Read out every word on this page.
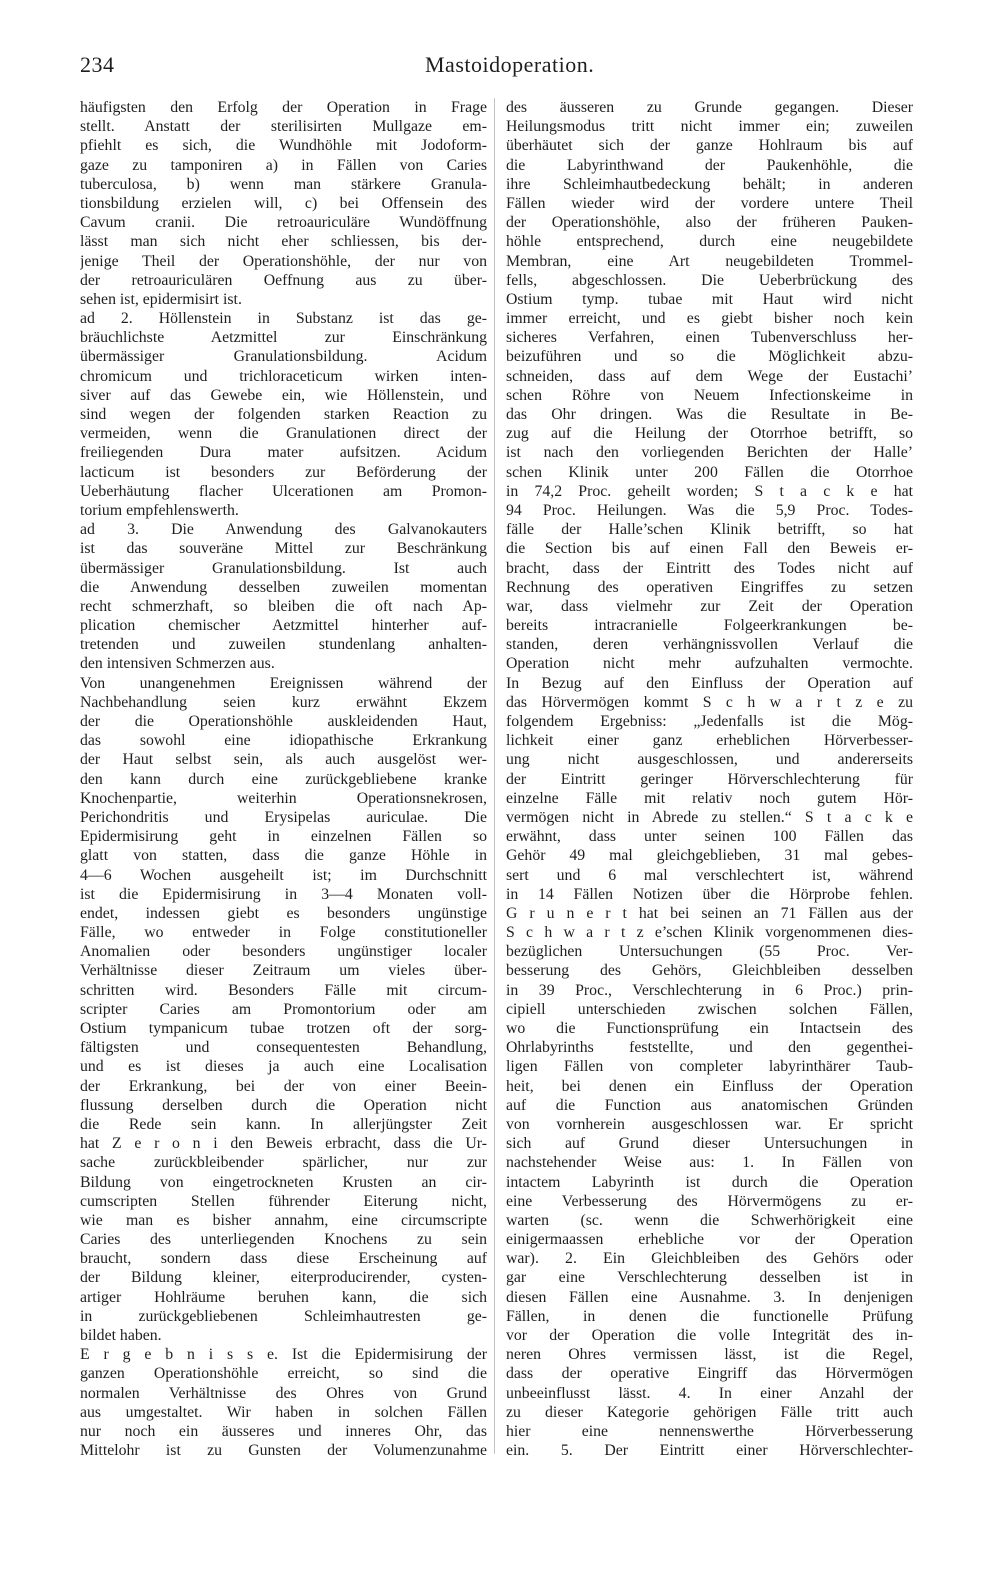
234	Mastoidoperation.
häufigsten den Erfolg der Operation in Frage
stellt. Anstatt der sterilisirten Mullgaze em-
pfiehlt es sich, die Wundhöhle mit Jodoform-
gaze zu tamponiren a) in Fällen von Caries
tuberculosa, b) wenn man stärkere Granula-
tionsbildung erzielen will, c) bei Offensein des
Cavum cranii. Die retroauriculäre Wundöffnung
lässt man sich nicht eher schliessen, bis der-
jenige Theil der Operationshöhle, der nur von
der retroauriculären Oeffnung aus zu über-
sehen ist, epidermisirt ist.
ad 2. Höllenstein in Substanz ist das ge-
bräuchlichste Aetzmittel zur Einschränkung
übermässiger Granulationsbildung. Acidum
chromicum und trichloraceticum wirken inten-
siver auf das Gewebe ein, wie Höllenstein, und
sind wegen der folgenden starken Reaction zu
vermeiden, wenn die Granulationen direct der
freiliegenden Dura mater aufsitzen. Acidum
lacticum ist besonders zur Beförderung der
Ueberhäutung flacher Ulcerationen am Promon-
torium empfehlenswerth.
ad 3. Die Anwendung des Galvanokauters
ist das souveräne Mittel zur Beschränkung
übermässiger Granulationsbildung. Ist auch
die Anwendung desselben zuweilen momentan
recht schmerzhaft, so bleiben die oft nach Ap-
plication chemischer Aetzmittel hinterher auf-
tretenden und zuweilen stundenlang anhalten-
den intensiven Schmerzen aus.
Von unangenehmen Ereignissen während der
Nachbehandlung seien kurz erwähnt Ekzem
der die Operationshöhle auskleidenden Haut,
das sowohl eine idiopathische Erkrankung
der Haut selbst sein, als auch ausgelöst wer-
den kann durch eine zurückgebliebene kranke
Knochenpartie, weiterhin Operationsnekrosen,
Perichondritis und Erysipelas auriculae. Die
Epidermisirung geht in einzelnen Fällen so
glatt von statten, dass die ganze Höhle in
4—6 Wochen ausgeheilt ist; im Durchschnitt
ist die Epidermisirung in 3—4 Monaten voll-
endet, indessen giebt es besonders ungünstige
Fälle, wo entweder in Folge constitutioneller
Anomalien oder besonders ungünstiger localer
Verhältnisse dieser Zeitraum um vieles über-
schritten wird. Besonders Fälle mit circum-
scripter Caries am Promontorium oder am
Ostium tympanicum tubae trotzen oft der sorg-
fältigsten und consequentesten Behandlung,
und es ist dieses ja auch eine Localisation
der Erkrankung, bei der von einer Beein-
flussung derselben durch die Operation nicht
die Rede sein kann. In allerjüngster Zeit
hat Z e r o n i den Beweis erbracht, dass die Ur-
sache zurückbleibender spärlicher, nur zur
Bildung von eingetrockneten Krusten an cir-
cumscripten Stellen führender Eiterung nicht,
wie man es bisher annahm, eine circumscripte
Caries des unterliegenden Knochens zu sein
braucht, sondern dass diese Erscheinung auf
der Bildung kleiner, eiterproducirender, cysten-
artiger Hohlräume beruhen kann, die sich
in zurückgebliebenen Schleimhautresten ge-
bildet haben.
E r g e b n i s s e. Ist die Epidermisirung der
ganzen Operationshöhle erreicht, so sind die
normalen Verhältnisse des Ohres von Grund
aus umgestaltet. Wir haben in solchen Fällen
nur noch ein äusseres und inneres Ohr, das
Mittelohr ist zu Gunsten der Volumenzunahme
des äusseren zu Grunde gegangen. Dieser
Heilungsmodus tritt nicht immer ein; zuweilen
überhäutet sich der ganze Hohlraum bis auf
die Labyrinthwand der Paukenhöhle, die
ihre Schleimhautbedeckung behält; in anderen
Fällen wieder wird der vordere untere Theil
der Operationshöhle, also der früheren Pauken-
höhle entsprechend, durch eine neugebildete
Membran, eine Art neugebildeten Trommel-
fells, abgeschlossen. Die Ueberbrückung des
Ostium tymp. tubae mit Haut wird nicht
immer erreicht, und es giebt bisher noch kein
sicheres Verfahren, einen Tubenverschluss her-
beizuführen und so die Möglichkeit abzu-
schneiden, dass auf dem Wege der Eustachi’
schen Röhre von Neuem Infectionskeime in
das Ohr dringen. Was die Resultate in Be-
zug auf die Heilung der Otorrhoe betrifft, so
ist nach den vorliegenden Berichten der Halle’
schen Klinik unter 200 Fällen die Otorrhoe
in 74,2 Proc. geheilt worden; S t a c k e hat
94 Proc. Heilungen. Was die 5,9 Proc. Todes-
fälle der Halle’schen Klinik betrifft, so hat
die Section bis auf einen Fall den Beweis er-
bracht, dass der Eintritt des Todes nicht auf
Rechnung des operativen Eingriffes zu setzen
war, dass vielmehr zur Zeit der Operation
bereits intracranielle Folgeerkrankungen be-
standen, deren verhängnissvollen Verlauf die
Operation nicht mehr aufzuhalten vermochte.
In Bezug auf den Einfluss der Operation auf
das Hörvermögen kommt S c h w a r t z e zu
folgendem Ergebniss: „Jedenfalls ist die Mög-
lichkeit einer ganz erheblichen Hörverbesser-
ung nicht ausgeschlossen, und andererseits
der Eintritt geringer Hörverschlechterung für
einzelne Fälle mit relativ noch gutem Hör-
vermögen nicht in Abrede zu stellen.“ S t a c k e
erwähnt, dass unter seinen 100 Fällen das
Gehör 49 mal gleichgeblieben, 31 mal gebes-
sert und 6 mal verschlechtert ist, während
in 14 Fällen Notizen über die Hörprobe fehlen.
G r u n e r t hat bei seinen an 71 Fällen aus der
S c h w a r t z e’schen Klinik vorgenommenen dies-
bezüglichen Untersuchungen (55 Proc. Ver-
besserung des Gehörs, Gleichbleiben desselben
in 39 Proc., Verschlechterung in 6 Proc.) prin-
cipiell unterschieden zwischen solchen Fällen,
wo die Functionsprüfung ein Intactsein des
Ohrlabyrinths feststellte, und den gegenthei-
ligen Fällen von completer labyrinthärer Taub-
heit, bei denen ein Einfluss der Operation
auf die Function aus anatomischen Gründen
von vornherein ausgeschlossen war. Er spricht
sich auf Grund dieser Untersuchungen in
nachstehender Weise aus: 1. In Fällen von
intactem Labyrinth ist durch die Operation
eine Verbesserung des Hörvermögens zu er-
warten (sc. wenn die Schwerhörigkeit eine
einigermaassen erhebliche vor der Operation
war). 2. Ein Gleichbleiben des Gehörs oder
gar eine Verschlechterung desselben ist in
diesen Fällen eine Ausnahme. 3. In denjenigen
Fällen, in denen die functionelle Prüfung
vor der Operation die volle Integrität des in-
neren Ohres vermissen lässt, ist die Regel,
dass der operative Eingriff das Hörvermögen
unbeeinflusst lässt. 4. In einer Anzahl der
zu dieser Kategorie gehörigen Fälle tritt auch
hier eine nennenswerthe Hörverbesserung
ein. 5. Der Eintritt einer Hörverschlechter-
